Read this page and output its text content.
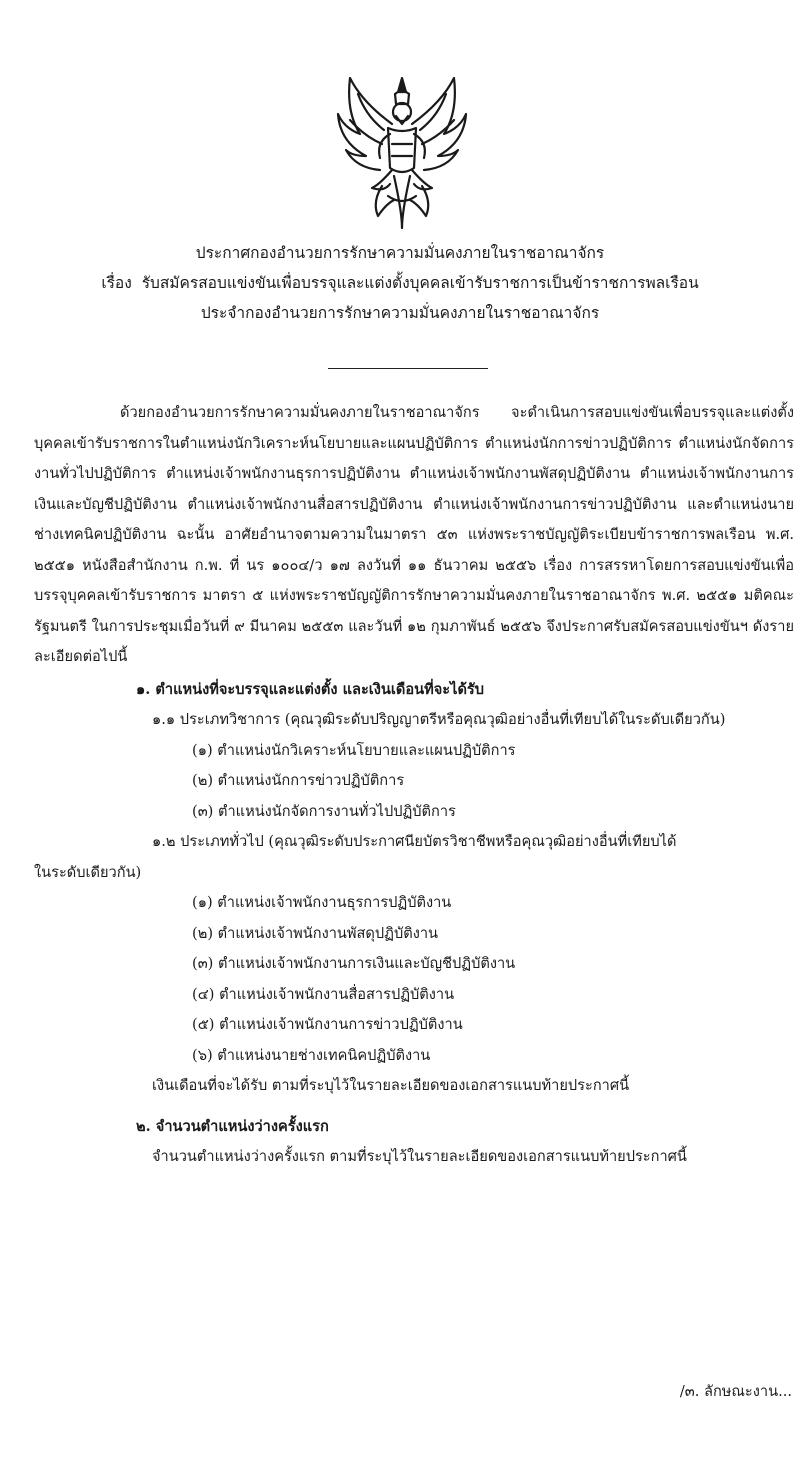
ประกาศกองอำนวยการรักษาความมั่นคงภายในราชอาณาจักร
เรื่อง รับสมัครสอบแข่งขันเพื่อบรรจุและแต่งตั้งบุคคลเข้ารับราชการเป็นข้าราชการพลเรือน
ประจำกองอำนวยการรักษาความมั่นคงภายในราชอาณาจักร

ด้วยกองอำนวยการรักษาความมั่นคงภายในราชอาณาจักร จะดำเนินการสอบแข่งขันเพื่อบรรจุและแต่งตั้งบุคคลเข้ารับราชการในตำแหน่งนักวิเคราะห์นโยบายและแผนปฏิบัติการ ตำแหน่งนักการข่าวปฏิบัติการ ตำแหน่งนักจัดการงานทั่วไปปฏิบัติการ ตำแหน่งเจ้าพนักงานธุรการปฏิบัติงาน ตำแหน่งเจ้าพนักงานพัสดุปฏิบัติงาน ตำแหน่งเจ้าพนักงานการเงินและบัญชีปฏิบัติงาน ตำแหน่งเจ้าพนักงานสื่อสารปฏิบัติงาน ตำแหน่งเจ้าพนักงานการข่าวปฏิบัติงาน และตำแหน่งนายช่างเทคนิคปฏิบัติงาน ฉะนั้น อาศัยอำนาจตามความในมาตรา ๕๓ แห่งพระราชบัญญัติระเบียบข้าราชการพลเรือน พ.ศ. ๒๕๕๑ หนังสือสำนักงาน ก.พ. ที่ นร ๑๐๐๔/ว ๑๗ ลงวันที่ ๑๑ ธันวาคม ๒๕๕๖ เรื่อง การสรรหาโดยการสอบแข่งขันเพื่อบรรจุบุคคลเข้ารับราชการ มาตรา ๕ แห่งพระราชบัญญัติการรักษาความมั่นคงภายในราชอาณาจักร พ.ศ. ๒๕๕๑ มติคณะรัฐมนตรี ในการประชุมเมื่อวันที่ ๙ มีนาคม ๒๕๕๓ และวันที่ ๑๒ กุมภาพันธ์ ๒๕๕๖ จึงประกาศรับสมัครสอบแข่งขันฯ ดังรายละเอียดต่อไปนี้

๑. ตำแหน่งที่จะบรรจุและแต่งตั้ง และเงินเดือนที่จะได้รับ

๑.๑ ประเภทวิชาการ (คุณวุฒิระดับปริญญาตรีหรือคุณวุฒิอย่างอื่นที่เทียบได้ในระดับเดียวกัน)

(๑) ตำแหน่งนักวิเคราะห์นโยบายและแผนปฏิบัติการ

(๒) ตำแหน่งนักการข่าวปฏิบัติการ

(๓) ตำแหน่งนักจัดการงานทั่วไปปฏิบัติการ

๑.๒ ประเภททั่วไป (คุณวุฒิระดับประกาศนียบัตรวิชาชีพหรือคุณวุฒิอย่างอื่นที่เทียบได้

ในระดับเดียวกัน)

(๑) ตำแหน่งเจ้าพนักงานธุรการปฏิบัติงาน

(๒) ตำแหน่งเจ้าพนักงานพัสดุปฏิบัติงาน

(๓) ตำแหน่งเจ้าพนักงานการเงินและบัญชีปฏิบัติงาน

(๔) ตำแหน่งเจ้าพนักงานสื่อสารปฏิบัติงาน

(๕) ตำแหน่งเจ้าพนักงานการข่าวปฏิบัติงาน

(๖) ตำแหน่งนายช่างเทคนิคปฏิบัติงาน

เงินเดือนที่จะได้รับ ตามที่ระบุไว้ในรายละเอียดของเอกสารแนบท้ายประกาศนี้

๒. จำนวนตำแหน่งว่างครั้งแรก

จำนวนตำแหน่งว่างครั้งแรก ตามที่ระบุไว้ในรายละเอียดของเอกสารแนบท้ายประกาศนี้

/๓. ลักษณะงาน...
